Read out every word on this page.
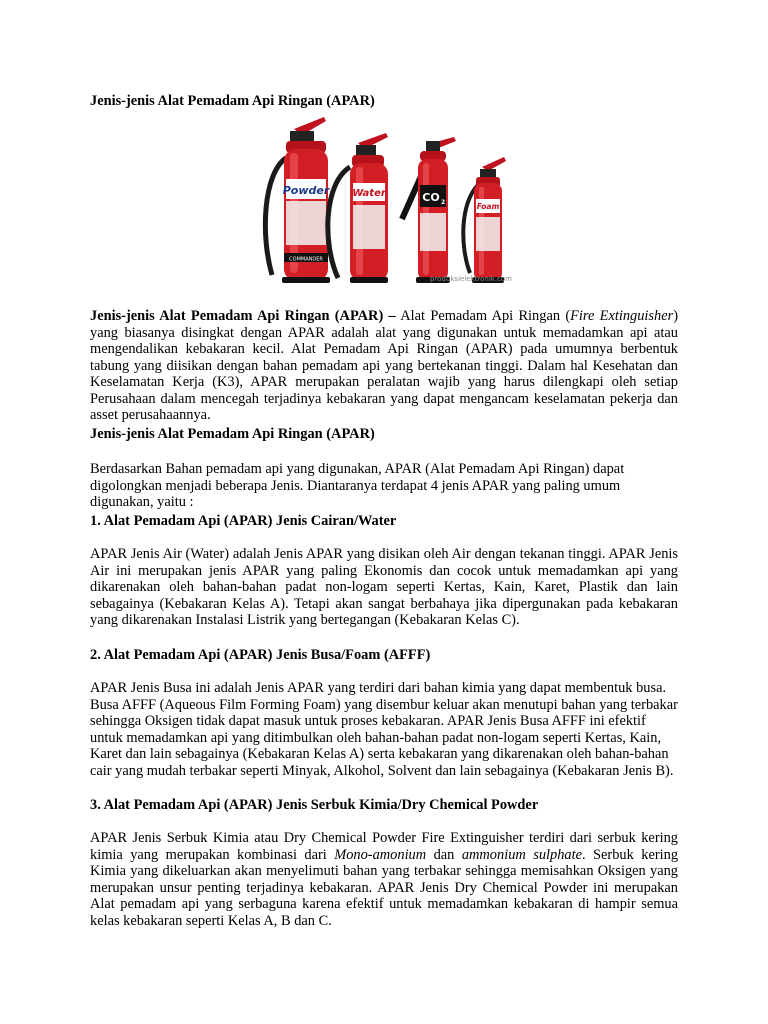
Jenis-jenis Alat Pemadam Api Ringan (APAR)

Powder
COMMANDER
Water	CO 2	Foam
produksielektronik.com

Jenis-jenis Alat Pemadam Api Ringan (APAR) – Alat Pemadam Api Ringan (Fire Extinguisher) yang biasanya disingkat dengan APAR adalah alat yang digunakan untuk memadamkan api atau mengendalikan kebakaran kecil. Alat Pemadam Api Ringan (APAR) pada umumnya berbentuk tabung yang diisikan dengan bahan pemadam api yang bertekanan tinggi. Dalam hal Kesehatan dan Keselamatan Kerja (K3), APAR merupakan peralatan wajib yang harus dilengkapi oleh setiap Perusahaan dalam mencegah terjadinya kebakaran yang dapat mengancam keselamatan pekerja dan asset perusahaannya.

Jenis-jenis Alat Pemadam Api Ringan (APAR)

Berdasarkan Bahan pemadam api yang digunakan, APAR (Alat Pemadam Api Ringan) dapat digolongkan menjadi beberapa Jenis. Diantaranya terdapat 4 jenis APAR yang paling umum digunakan, yaitu :

1. Alat Pemadam Api (APAR) Jenis Cairan/Water

APAR Jenis Air (Water) adalah Jenis APAR yang disikan oleh Air dengan tekanan tinggi. APAR Jenis Air ini merupakan jenis APAR yang paling Ekonomis dan cocok untuk memadamkan api yang dikarenakan oleh bahan-bahan padat non-logam seperti Kertas, Kain, Karet, Plastik dan lain sebagainya (Kebakaran Kelas A). Tetapi akan sangat berbahaya jika dipergunakan pada kebakaran yang dikarenakan Instalasi Listrik yang bertegangan (Kebakaran Kelas C).

2. Alat Pemadam Api (APAR) Jenis Busa/Foam (AFFF)

APAR Jenis Busa ini adalah Jenis APAR yang terdiri dari bahan kimia yang dapat membentuk busa. Busa AFFF (Aqueous Film Forming Foam) yang disembur keluar akan menutupi bahan yang terbakar sehingga Oksigen tidak dapat masuk untuk proses kebakaran. APAR Jenis Busa AFFF ini efektif untuk memadamkan api yang ditimbulkan oleh bahan-bahan padat non-logam seperti Kertas, Kain, Karet dan lain sebagainya (Kebakaran Kelas A) serta kebakaran yang dikarenakan oleh bahan-bahan cair yang mudah terbakar seperti Minyak, Alkohol, Solvent dan lain sebagainya (Kebakaran Jenis B).

3. Alat Pemadam Api (APAR) Jenis Serbuk Kimia/Dry Chemical Powder

APAR Jenis Serbuk Kimia atau Dry Chemical Powder Fire Extinguisher terdiri dari serbuk kering kimia yang merupakan kombinasi dari Mono-amonium dan ammonium sulphate. Serbuk kering Kimia yang dikeluarkan akan menyelimuti bahan yang terbakar sehingga memisahkan Oksigen yang merupakan unsur penting terjadinya kebakaran. APAR Jenis Dry Chemical Powder ini merupakan Alat pemadam api yang serbaguna karena efektif untuk memadamkan kebakaran di hampir semua kelas kebakaran seperti Kelas A, B dan C.
